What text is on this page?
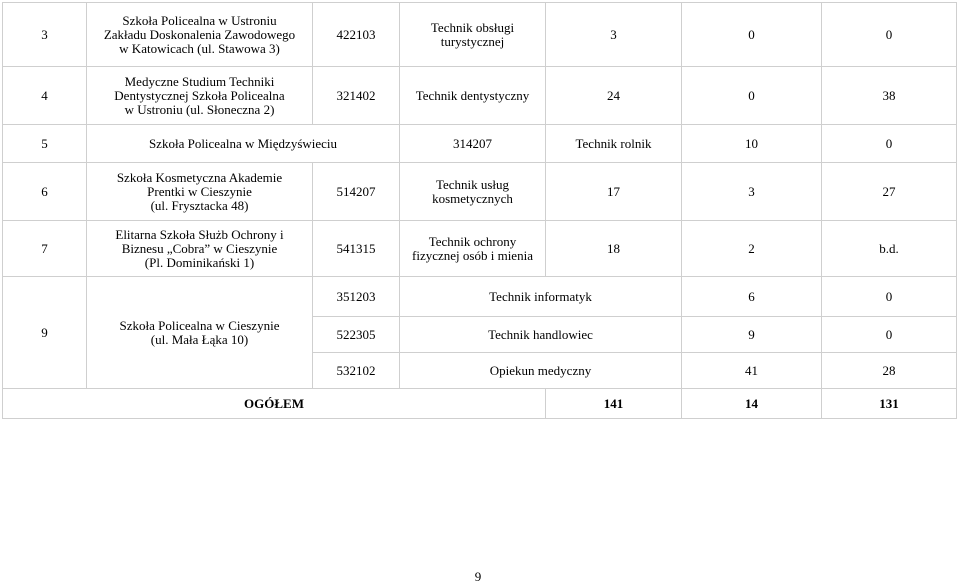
3	Szkoła Policealna w Ustroniu
Zakładu Doskonalenia Zawodowego
w Katowicach (ul. Stawowa 3)	422103	Technik obsługi
turystycznej	3	0	0
4	Medyczne Studium Techniki
Dentystycznej Szkoła Policealna
w Ustroniu (ul. Słoneczna 2)	321402	Technik dentystyczny	24	0	38
5	Szkoła Policealna w Międzyświeciu		314207	Technik rolnik	10	0
6	Szkoła Kosmetyczna Akademie
Prentki w Cieszynie
(ul. Frysztacka 48)	514207	Technik usług
kosmetycznych	17	3	27
7	Elitarna Szkoła Służb Ochrony i
Biznesu „Cobra” w Cieszynie
(Pl. Dominikański 1)	541315	Technik ochrony
fizycznej osób i mienia	18	2	b.d.
9	Szkoła Policealna w Cieszynie
(ul. Mała Łąka 10)	351203	Technik informatyk		6	0
		522305	Technik handlowiec		9	0
		532102	Opiekun medyczny		41	28
OGÓŁEM				141	14	131
9
